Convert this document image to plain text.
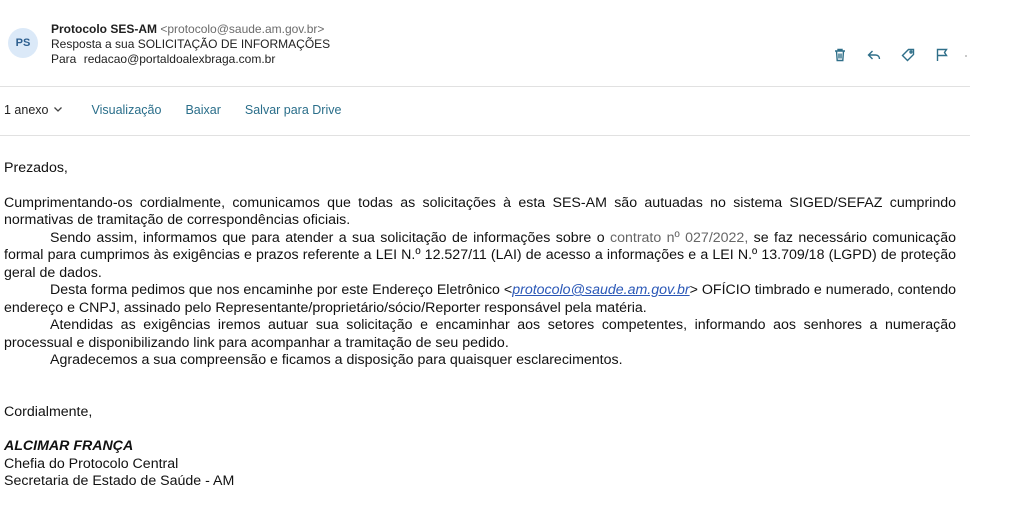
PS
Protocolo SES-AM <protocolo@saude.am.gov.br>
Resposta a sua SOLICITAÇÃO DE INFORMAÇÕES
Para redacao@portaldoalexbraga.com.br
1 anexo	Visualização Baixar Salvar para Drive

Prezados,

Cumprimentando-os cordialmente, comunicamos que todas as solicitações à esta SES-AM são autuadas no sistema SIGED/SEFAZ cumprindo normativas de tramitação de correspondências oficiais.

Sendo assim, informamos que para atender a sua solicitação de informações sobre o contrato nº 027/2022, se faz necessário comunicação formal para cumprimos às exigências e prazos referente a LEI N.º 12.527/11 (LAI) de acesso a informações e a LEI N.º 13.709/18 (LGPD) de proteção geral de dados.

Desta forma pedimos que nos encaminhe por este Endereço Eletrônico <protocolo@saude.am.gov.br> OFÍCIO timbrado e numerado, contendo endereço e CNPJ, assinado pelo Representante/proprietário/sócio/Reporter responsável pela matéria.

Atendidas as exigências iremos autuar sua solicitação e encaminhar aos setores competentes, informando aos senhores a numeração processual e disponibilizando link para acompanhar a tramitação de seu pedido.

Agradecemos a sua compreensão e ficamos a disposição para quaisquer esclarecimentos.

Cordialmente,

ALCIMAR FRANÇA

Chefia do Protocolo Central

Secretaria de Estado de Saúde - AM
